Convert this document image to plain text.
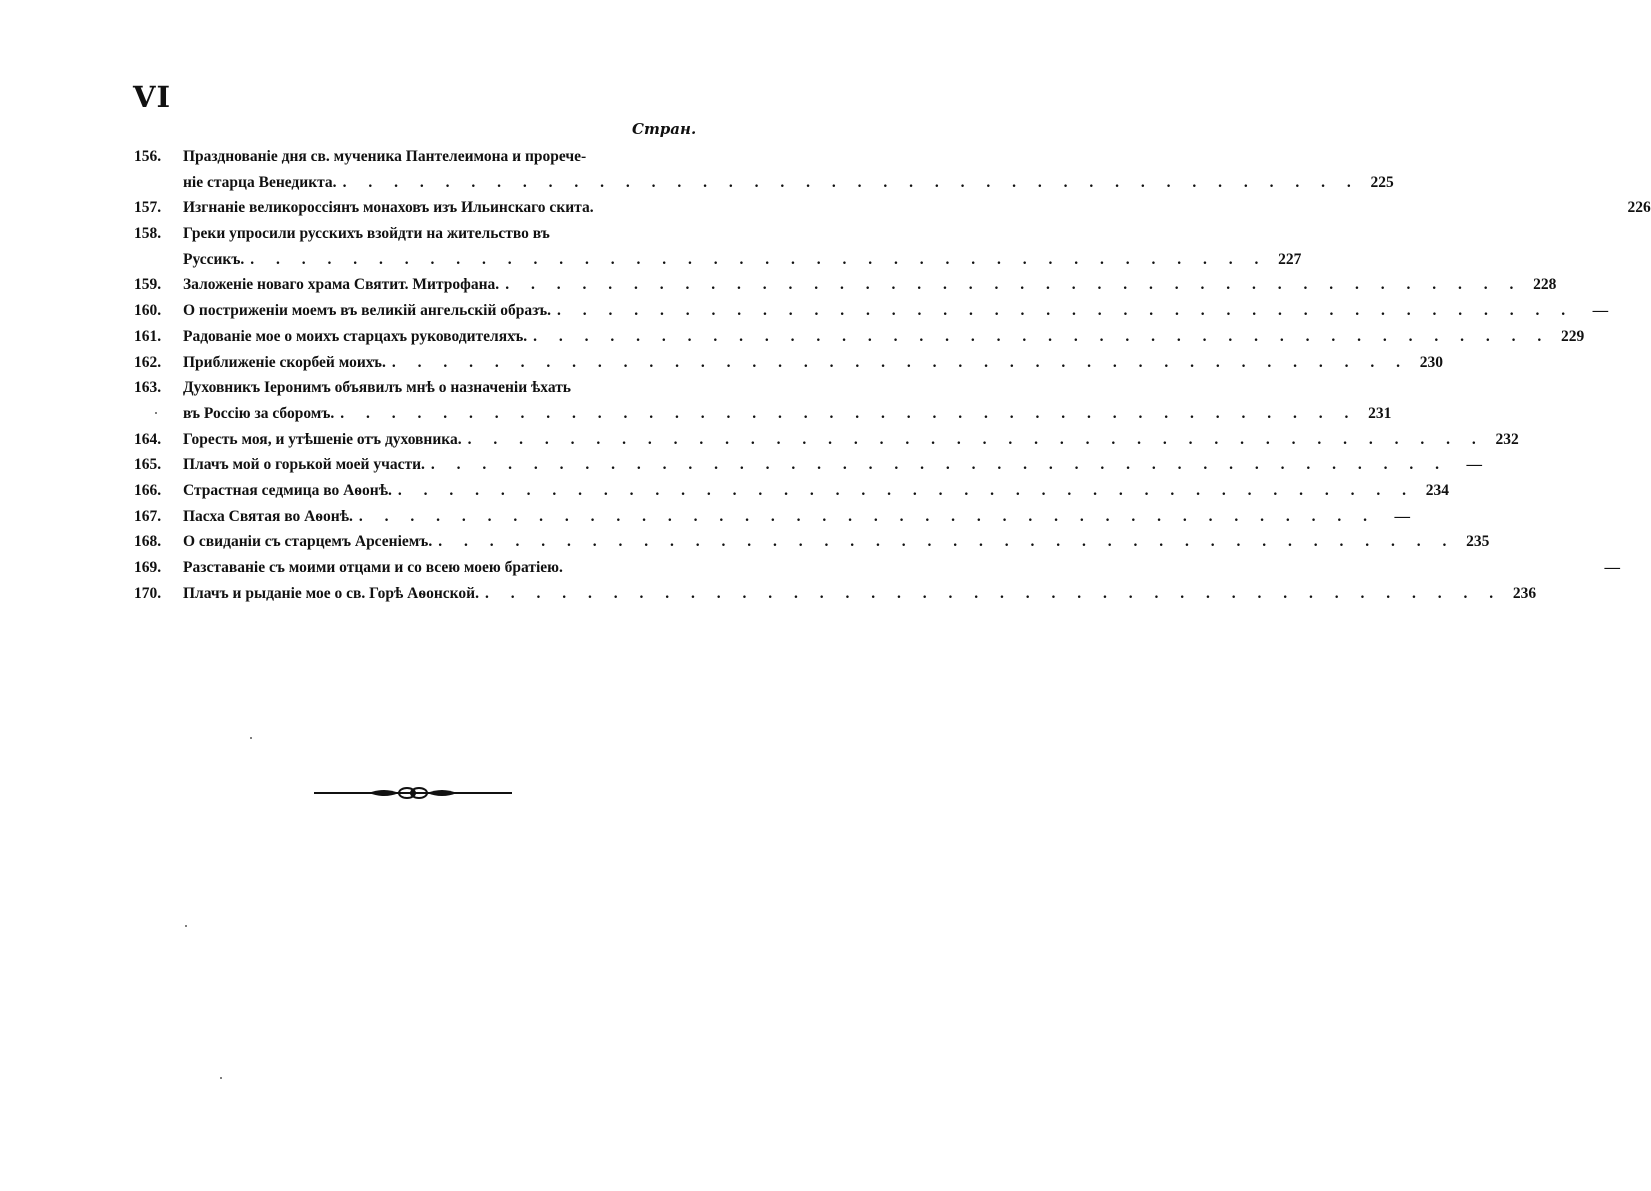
VI
Стран.
156.	Празднованіе дня св. мученика Пантелеимона и прорече-
ніе старца Венедикта. . . . . . . . . . . . . . . . . . . . . . . . . . . . . . . . . . . . . . . . . 225
157.	Изгнаніе великороссіянъ монаховъ изъ Ильинскаго скита.	226
158.	Греки упросили русскихъ взойдти на жительство въ
Руссикъ. . . . . . . . . . . . . . . . . . . . . . . . . . . . . . . . . . . . . . . . . 227
159.	Заложеніе новаго храма Святит. Митрофана. . . . . . . . . . . . . . . . . . . . . . . . . . . . . . . . . . . . . . . . . 228
160.	О постриженіи моемъ въ великій ангельскій образъ. . . . . . . . . . . . . . . . . . . . . . . . . . . . . . . . . . . . . . . . .	—
161.	Радованіе мое о моихъ старцахъ руководителяхъ. . . . . . . . . . . . . . . . . . . . . . . . . . . . . . . . . . . . . . . . . 229
162.	Приближеніе скорбей моихъ. . . . . . . . . . . . . . . . . . . . . . . . . . . . . . . . . . . . . . . . . 230
163.	Духовникъ Іеронимъ объявилъ мнѣ о назначеніи ѣхать
въ Россію за сборомъ. . . . . . . . . . . . . . . . . . . . . . . . . . . . . . . . . . . . . . . . . 231
164.	Горесть моя, и утѣшеніе отъ духовника. . . . . . . . . . . . . . . . . . . . . . . . . . . . . . . . . . . . . . . . . 232
165.	Плачъ мой о горькой моей участи. . . . . . . . . . . . . . . . . . . . . . . . . . . . . . . . . . . . . . . . .	—
166.	Страстная седмица во Аѳонѣ. . . . . . . . . . . . . . . . . . . . . . . . . . . . . . . . . . . . . . . . . 234
167.	Пасха Святая во Аѳонѣ. . . . . . . . . . . . . . . . . . . . . . . . . . . . . . . . . . . . . . . . .	—
168.	О свиданіи съ старцемъ Арсеніемъ. . . . . . . . . . . . . . . . . . . . . . . . . . . . . . . . . . . . . . . . . 235
169.	Разставаніе съ моими отцами и со всею моею братіею.	—
170.	Плачъ и рыданіе мое о св. Горѣ Аѳонской. . . . . . . . . . . . . . . . . . . . . . . . . . . . . . . . . . . . . . . . . 236
